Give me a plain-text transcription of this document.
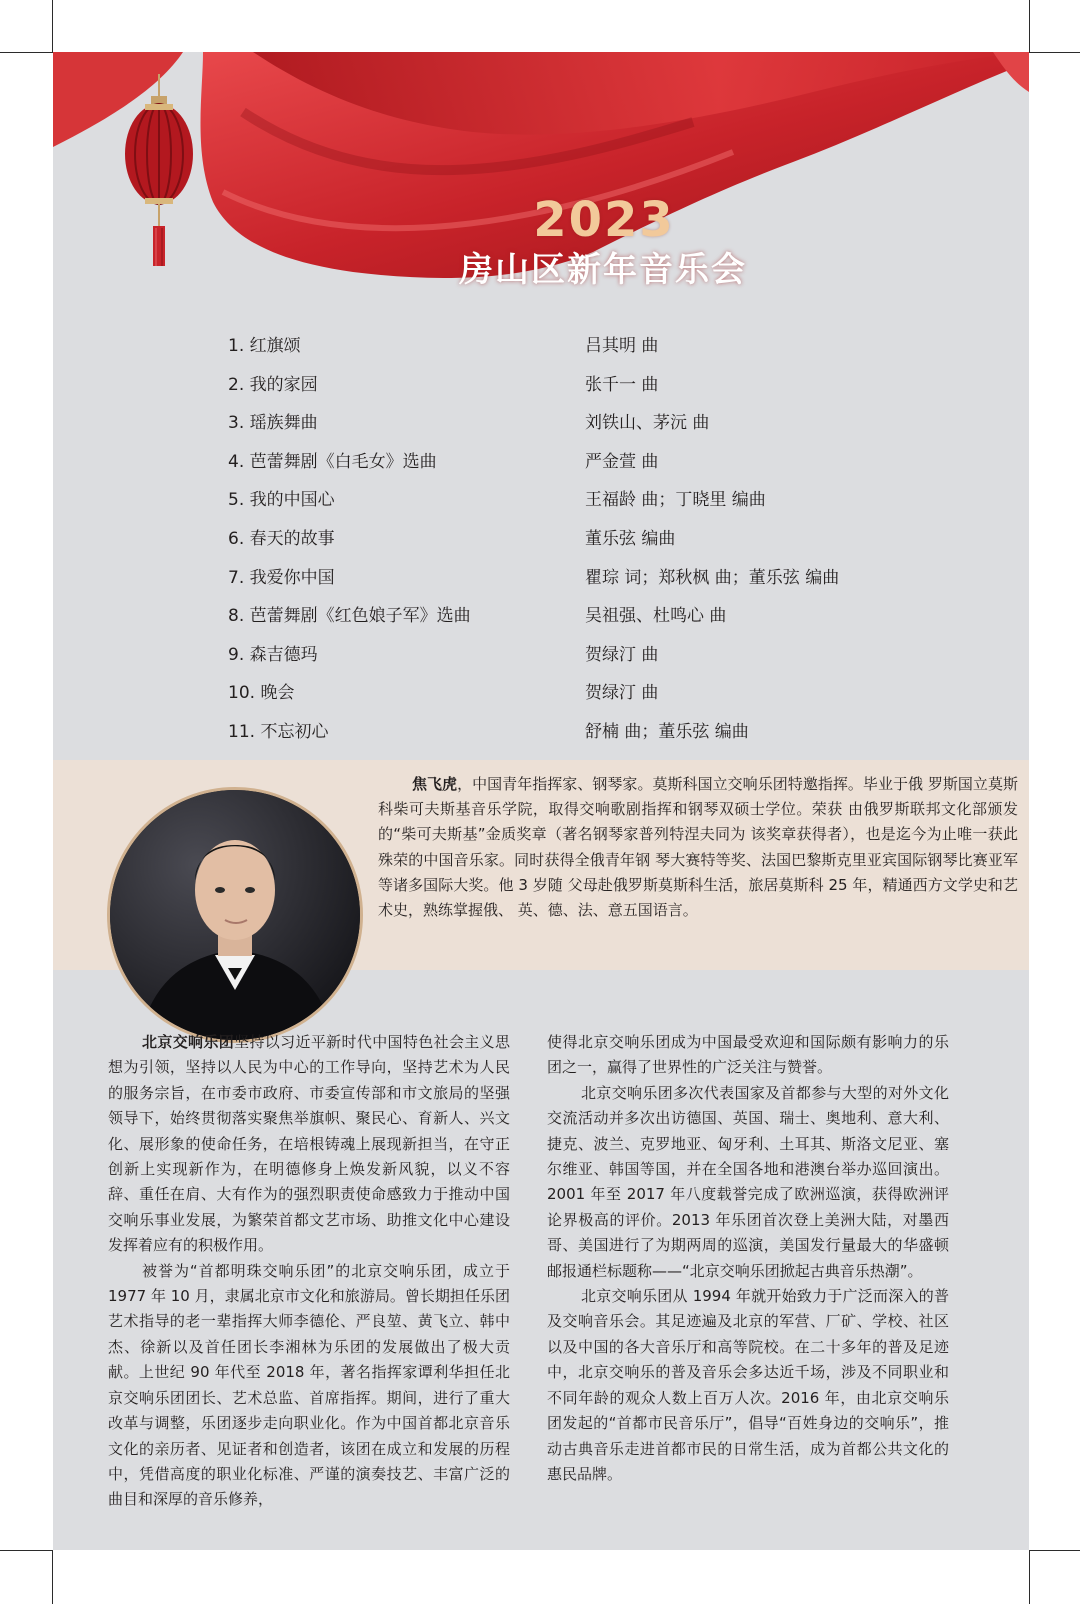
2023
房山区新年音乐会
1. 红旗颂	吕其明 曲
2. 我的家园	张千一 曲
3. 瑶族舞曲	刘铁山、茅沅 曲
4. 芭蕾舞剧《白毛女》选曲	严金萱 曲
5. 我的中国心	王福龄 曲；丁晓里 编曲
6. 春天的故事	董乐弦 编曲
7. 我爱你中国	瞿琮 词；郑秋枫 曲；董乐弦 编曲
8. 芭蕾舞剧《红色娘子军》选曲	吴祖强、杜鸣心 曲
9. 森吉德玛	贺绿汀 曲
10. 晚会	贺绿汀 曲
11. 不忘初心	舒楠 曲；董乐弦 编曲
焦飞虎，中国青年指挥家、钢琴家。莫斯科国立交响乐团特邀指挥。毕业于俄 罗斯国立莫斯科柴可夫斯基音乐学院，取得交响歌剧指挥和钢琴双硕士学位。荣获 由俄罗斯联邦文化部颁发的“柴可夫斯基”金质奖章（著名钢琴家普列特涅夫同为 该奖章获得者），也是迄今为止唯一获此殊荣的中国音乐家。同时获得全俄青年钢 琴大赛特等奖、法国巴黎斯克里亚宾国际钢琴比赛亚军等诸多国际大奖。他 3 岁随 父母赴俄罗斯莫斯科生活，旅居莫斯科 25 年，精通西方文学史和艺术史，熟练掌握俄、 英、德、法、意五国语言。

北京交响乐团坚持以习近平新时代中国特色社会主义思想为引领，坚持以人民为中心的工作导向，坚持艺术为人民的服务宗旨，在市委市政府、市委宣传部和市文旅局的坚强领导下，始终贯彻落实聚焦举旗帜、聚民心、育新人、兴文化、展形象的使命任务，在培根铸魂上展现新担当，在守正创新上实现新作为，在明德修身上焕发新风貌，以义不容辞、重任在肩、大有作为的强烈职责使命感致力于推动中国交响乐事业发展，为繁荣首都文艺市场、助推文化中心建设发挥着应有的积极作用。

被誉为“首都明珠交响乐团”的北京交响乐团，成立于 1977 年 10 月，隶属北京市文化和旅游局。曾长期担任乐团艺术指导的老一辈指挥大师李德伦、严良堃、黄飞立、韩中杰、徐新以及首任团长李湘林为乐团的发展做出了极大贡献。上世纪 90 年代至 2018 年，著名指挥家谭利华担任北京交响乐团团长、艺术总监、首席指挥。期间，进行了重大改革与调整，乐团逐步走向职业化。作为中国首都北京音乐文化的亲历者、见证者和创造者，该团在成立和发展的历程中，凭借高度的职业化标准、严谨的演奏技艺、丰富广泛的曲目和深厚的音乐修养，

使得北京交响乐团成为中国最受欢迎和国际颇有影响力的乐团之一，赢得了世界性的广泛关注与赞誉。

北京交响乐团多次代表国家及首都参与大型的对外文化交流活动并多次出访德国、英国、瑞士、奥地利、意大利、捷克、波兰、克罗地亚、匈牙利、土耳其、斯洛文尼亚、塞尔维亚、韩国等国，并在全国各地和港澳台举办巡回演出。2001 年至 2017 年八度载誉完成了欧洲巡演，获得欧洲评论界极高的评价。2013 年乐团首次登上美洲大陆，对墨西哥、美国进行了为期两周的巡演，美国发行量最大的华盛顿邮报通栏标题称——“北京交响乐团掀起古典音乐热潮”。

北京交响乐团从 1994 年就开始致力于广泛而深入的普及交响音乐会。其足迹遍及北京的军营、厂矿、学校、社区以及中国的各大音乐厅和高等院校。在二十多年的普及足迹中，北京交响乐的普及音乐会多达近千场，涉及不同职业和不同年龄的观众人数上百万人次。2016 年，由北京交响乐团发起的“首都市民音乐厅”，倡导“百姓身边的交响乐”，推动古典音乐走进首都市民的日常生活，成为首都公共文化的惠民品牌。
